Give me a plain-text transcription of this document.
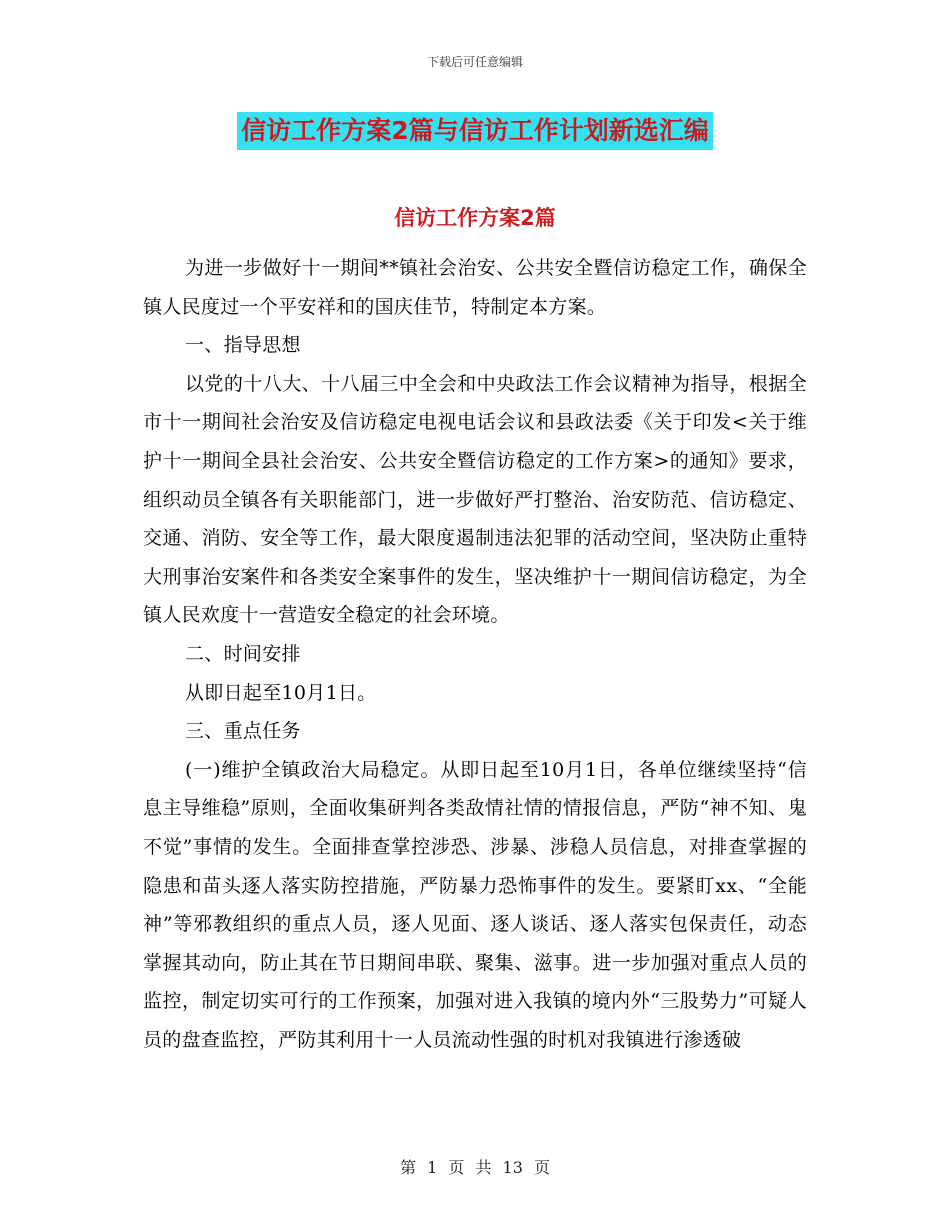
下载后可任意编辑
信访工作方案2篇与信访工作计划新选汇编
信访工作方案2篇

为进一步做好十一期间**镇社会治安、公共安全暨信访稳定工作，确保全镇人民度过一个平安祥和的国庆佳节，特制定本方案。

一、指导思想

以党的十八大、十八届三中全会和中央政法工作会议精神为指导，根据全市十一期间社会治安及信访稳定电视电话会议和县政法委《关于印发<关于维护十一期间全县社会治安、公共安全暨信访稳定的工作方案>的通知》要求，组织动员全镇各有关职能部门，进一步做好严打整治、治安防范、信访稳定、交通、消防、安全等工作，最大限度遏制违法犯罪的活动空间，坚决防止重特大刑事治安案件和各类安全案事件的发生，坚决维护十一期间信访稳定，为全镇人民欢度十一营造安全稳定的社会环境。

二、时间安排

从即日起至10月1日。

三、重点任务

(一)维护全镇政治大局稳定。从即日起至10月1日，各单位继续坚持“信息主导维稳”原则，全面收集研判各类敌情社情的情报信息，严防“神不知、鬼不觉”事情的发生。全面排查掌控涉恐、涉暴、涉稳人员信息，对排查掌握的隐患和苗头逐人落实防控措施，严防暴力恐怖事件的发生。要紧盯xx、“全能神”等邪教组织的重点人员，逐人见面、逐人谈话、逐人落实包保责任，动态掌握其动向，防止其在节日期间串联、聚集、滋事。进一步加强对重点人员的监控，制定切实可行的工作预案，加强对进入我镇的境内外“三股势力”可疑人员的盘查监控，严防其利用十一人员流动性强的时机对我镇进行渗透破

第 1 页 共 13 页
